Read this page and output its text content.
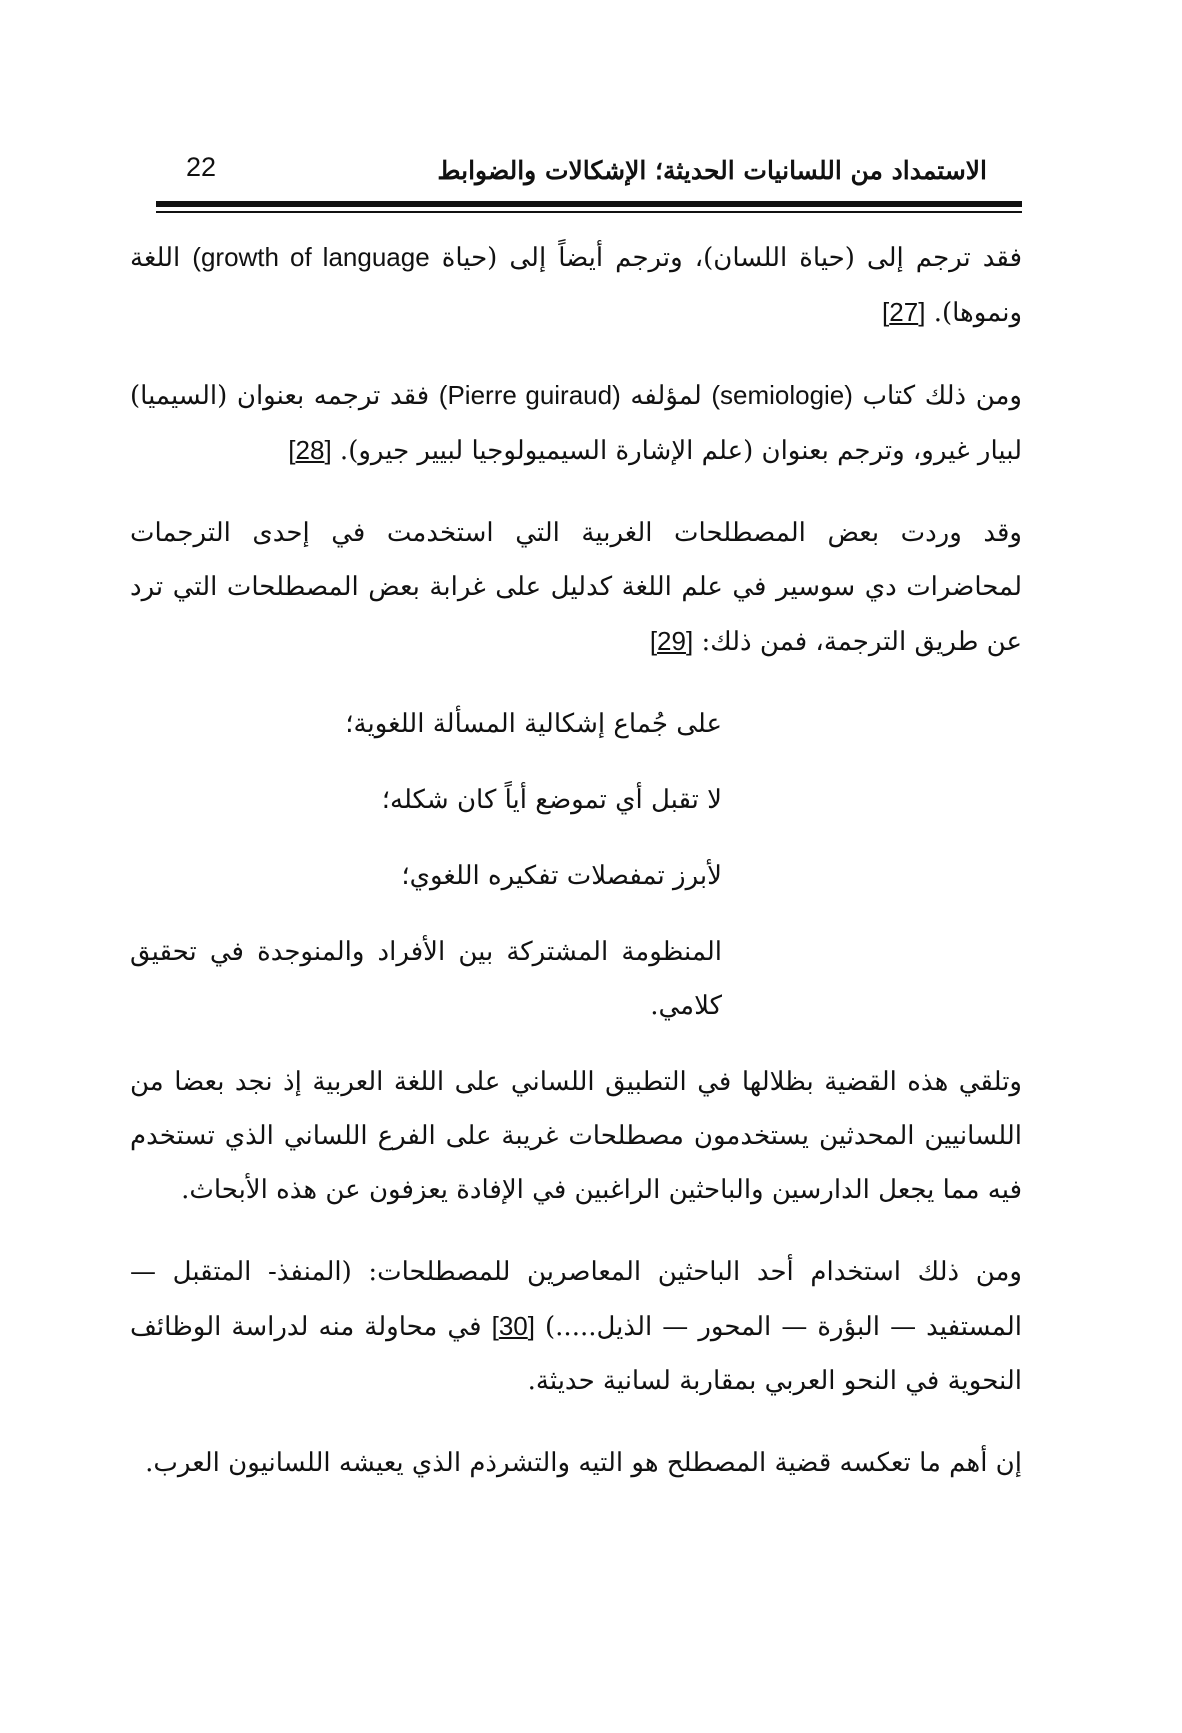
22	الاستمداد من اللسانيات الحديثة؛ الإشكالات والضوابط

فقد ترجم إلى (حياة اللسان)، وترجم أيضاً إلى (حياة growth of language) اللغة ونموها). [27]

ومن ذلك كتاب (semiologie) لمؤلفه (Pierre guiraud) فقد ترجمه بعنوان (السيميا) لبيار غيرو، وترجم بعنوان (علم الإشارة السيميولوجيا لبيير جيرو). [28]

وقد وردت بعض المصطلحات الغربية التي استخدمت في إحدى الترجمات لمحاضرات دي سوسير في علم اللغة كدليل على غرابة بعض المصطلحات التي ترد عن طريق الترجمة، فمن ذلك: [29]

على جُماع إشكالية المسألة اللغوية؛

لا تقبل أي تموضع أياً كان شكله؛

لأبرز تمفصلات تفكيره اللغوي؛

المنظومة المشتركة بين الأفراد والمنوجدة في تحقيق كلامي.

وتلقي هذه القضية بظلالها في التطبيق اللساني على اللغة العربية إذ نجد بعضا من اللسانيين المحدثين يستخدمون مصطلحات غريبة على الفرع اللساني الذي تستخدم فيه مما يجعل الدارسين والباحثين الراغبين في الإفادة يعزفون عن هذه الأبحاث.

ومن ذلك استخدام أحد الباحثين المعاصرين للمصطلحات: (المنفذ- المتقبل — المستفيد — البؤرة — المحور — الذيل.....) [30] في محاولة منه لدراسة الوظائف النحوية في النحو العربي بمقاربة لسانية حديثة.

إن أهم ما تعكسه قضية المصطلح هو التيه والتشرذم الذي يعيشه اللسانيون العرب.
